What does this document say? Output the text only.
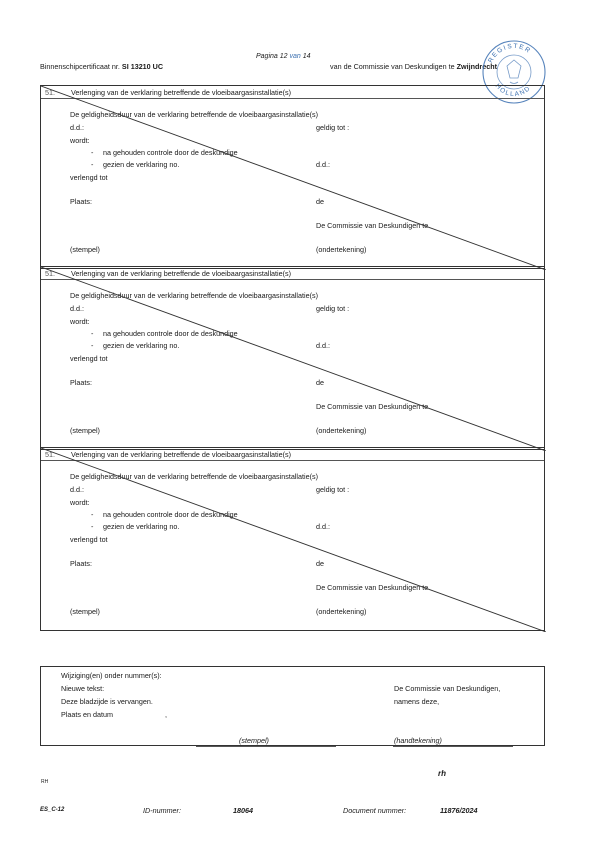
Pagina 12 van 14
Binnenschipcertificaat nr. SI 13210 UC	van de Commissie van Deskundigen te Zwijndrecht
REGISTER
HOLLAND
51. Verlenging van de verklaring betreffende de vloeibaargasinstallatie(s)
De geldigheidsduur van de verklaring betreffende de vloeibaargasinstallatie(s)
d.d.:	geldig tot :
wordt:
- na gehouden controle door de deskundige
- gezien de verklaring no.	d.d.:
verlengd tot
Plaats:	de
De Commissie van Deskundigen te
(stempel)	(ondertekening)
51. Verlenging van de verklaring betreffende de vloeibaargasinstallatie(s)
De geldigheidsduur van de verklaring betreffende de vloeibaargasinstallatie(s)
d.d.:	geldig tot :
wordt:
- na gehouden controle door de deskundige
- gezien de verklaring no.	d.d.:
verlengd tot
Plaats:	de
De Commissie van Deskundigen te
(stempel)	(ondertekening)
51. Verlenging van de verklaring betreffende de vloeibaargasinstallatie(s)
De geldigheidsduur van de verklaring betreffende de vloeibaargasinstallatie(s)
d.d.:	geldig tot :
wordt:
- na gehouden controle door de deskundige
- gezien de verklaring no.	d.d.:
verlengd tot
Plaats:	de
De Commissie van Deskundigen te
(stempel)	(ondertekening)
Wijziging(en) onder nummer(s):
Nieuwe tekst:
Deze bladzijde is vervangen.
Plaats en datum	,
De Commissie van Deskundigen,
namens deze,
(stempel)	(handtekening)
rh
RH
ES_C-12	ID-nummer:	18064	Document nummer:	11876/2024
